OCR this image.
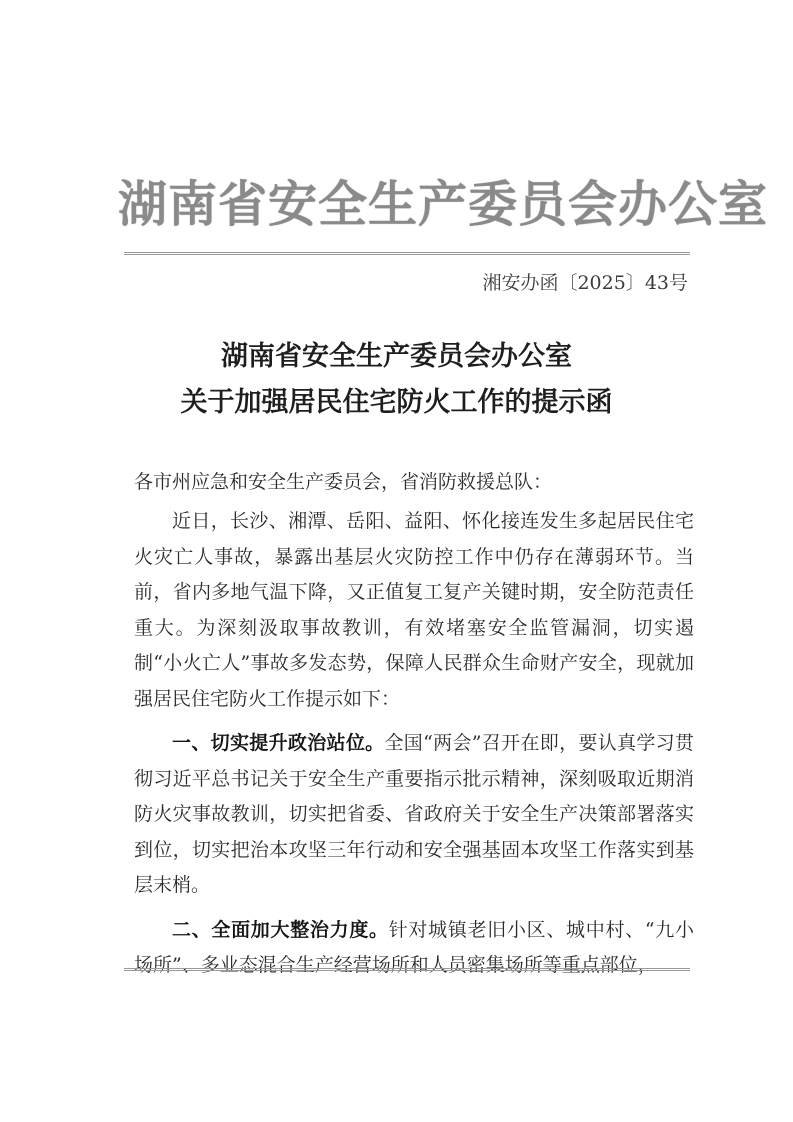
湖南省安全生产委员会办公室
湘安办函〔2025〕43号
湖南省安全生产委员会办公室
关于加强居民住宅防火工作的提示函
各市州应急和安全生产委员会，省消防救援总队：

近日，长沙、湘潭、岳阳、益阳、怀化接连发生多起居民住宅火灾亡人事故，暴露出基层火灾防控工作中仍存在薄弱环节。当前，省内多地气温下降，又正值复工复产关键时期，安全防范责任重大。为深刻汲取事故教训，有效堵塞安全监管漏洞，切实遏制“小火亡人”事故多发态势，保障人民群众生命财产安全，现就加强居民住宅防火工作提示如下：

一、切实提升政治站位。全国“两会”召开在即，要认真学习贯彻习近平总书记关于安全生产重要指示批示精神，深刻吸取近期消防火灾事故教训，切实把省委、省政府关于安全生产决策部署落实到位，切实把治本攻坚三年行动和安全强基固本攻坚工作落实到基层末梢。

二、全面加大整治力度。针对城镇老旧小区、城中村、“九小场所”、多业态混合生产经营场所和人员密集场所等重点部位，
